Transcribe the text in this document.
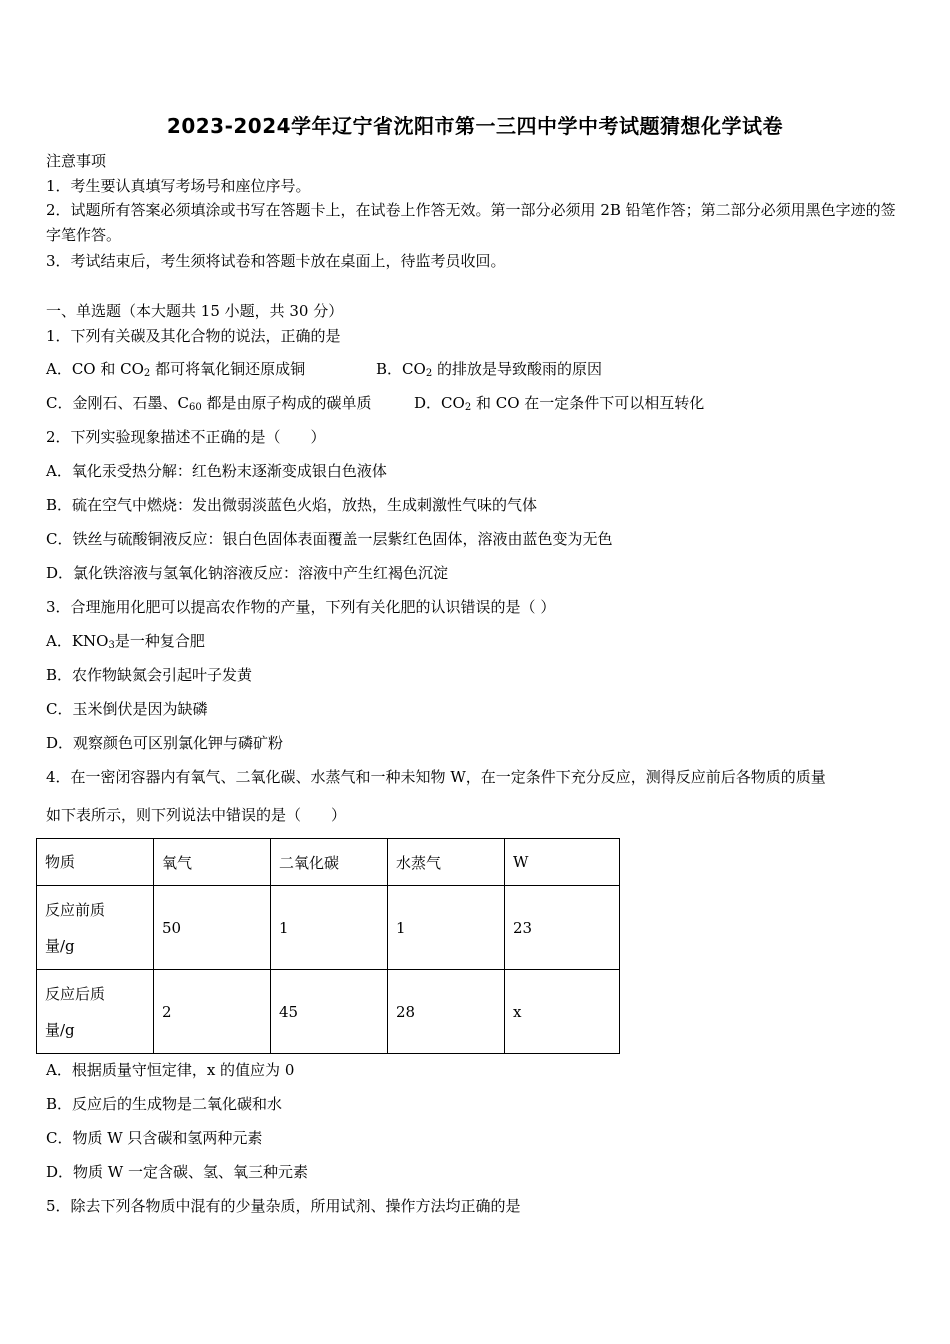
2023-2024学年辽宁省沈阳市第一三四中学中考试题猜想化学试卷
注意事项
1．考生要认真填写考场号和座位序号。
2．试题所有答案必须填涂或书写在答题卡上，在试卷上作答无效。第一部分必须用 2B 铅笔作答；第二部分必须用黑色字迹的签字笔作答。
3．考试结束后，考生须将试卷和答题卡放在桌面上，待监考员收回。
一、单选题（本大题共 15 小题，共 30 分）
1．下列有关碳及其化合物的说法，正确的是
A．CO 和 $CO_2$ 都可将氧化铜还原成铜	B．$CO_2$ 的排放是导致酸雨的原因
C．金刚石、石墨、$C_{60}$ 都是由原子构成的碳单质	D．$CO_2$ 和 CO 在一定条件下可以相互转化
2．下列实验现象描述不正确的是（　　）
A．氧化汞受热分解：红色粉末逐渐变成银白色液体
B．硫在空气中燃烧：发出微弱淡蓝色火焰，放热，生成刺激性气味的气体
C．铁丝与硫酸铜液反应：银白色固体表面覆盖一层紫红色固体，溶液由蓝色变为无色
D．氯化铁溶液与氢氧化钠溶液反应：溶液中产生红褐色沉淀
3．合理施用化肥可以提高农作物的产量，下列有关化肥的认识错误的是（ ）
A．$KNO_3$是一种复合肥
B．农作物缺氮会引起叶子发黄
C．玉米倒伏是因为缺磷
D．观察颜色可区别氯化钾与磷矿粉
4．在一密闭容器内有氧气、二氧化碳、水蒸气和一种未知物 W，在一定条件下充分反应，测得反应前后各物质的质量
如下表所示，则下列说法中错误的是（　　）
物质	氧气	二氧化碳	水蒸气	W

反应前质
量/g	50	1	1	23

反应后质
量/g	2	45	28	x
A．根据质量守恒定律，x 的值应为 0
B．反应后的生成物是二氧化碳和水
C．物质 W 只含碳和氢两种元素
D．物质 W 一定含碳、氢、氧三种元素
5．除去下列各物质中混有的少量杂质，所用试剂、操作方法均正确的是
